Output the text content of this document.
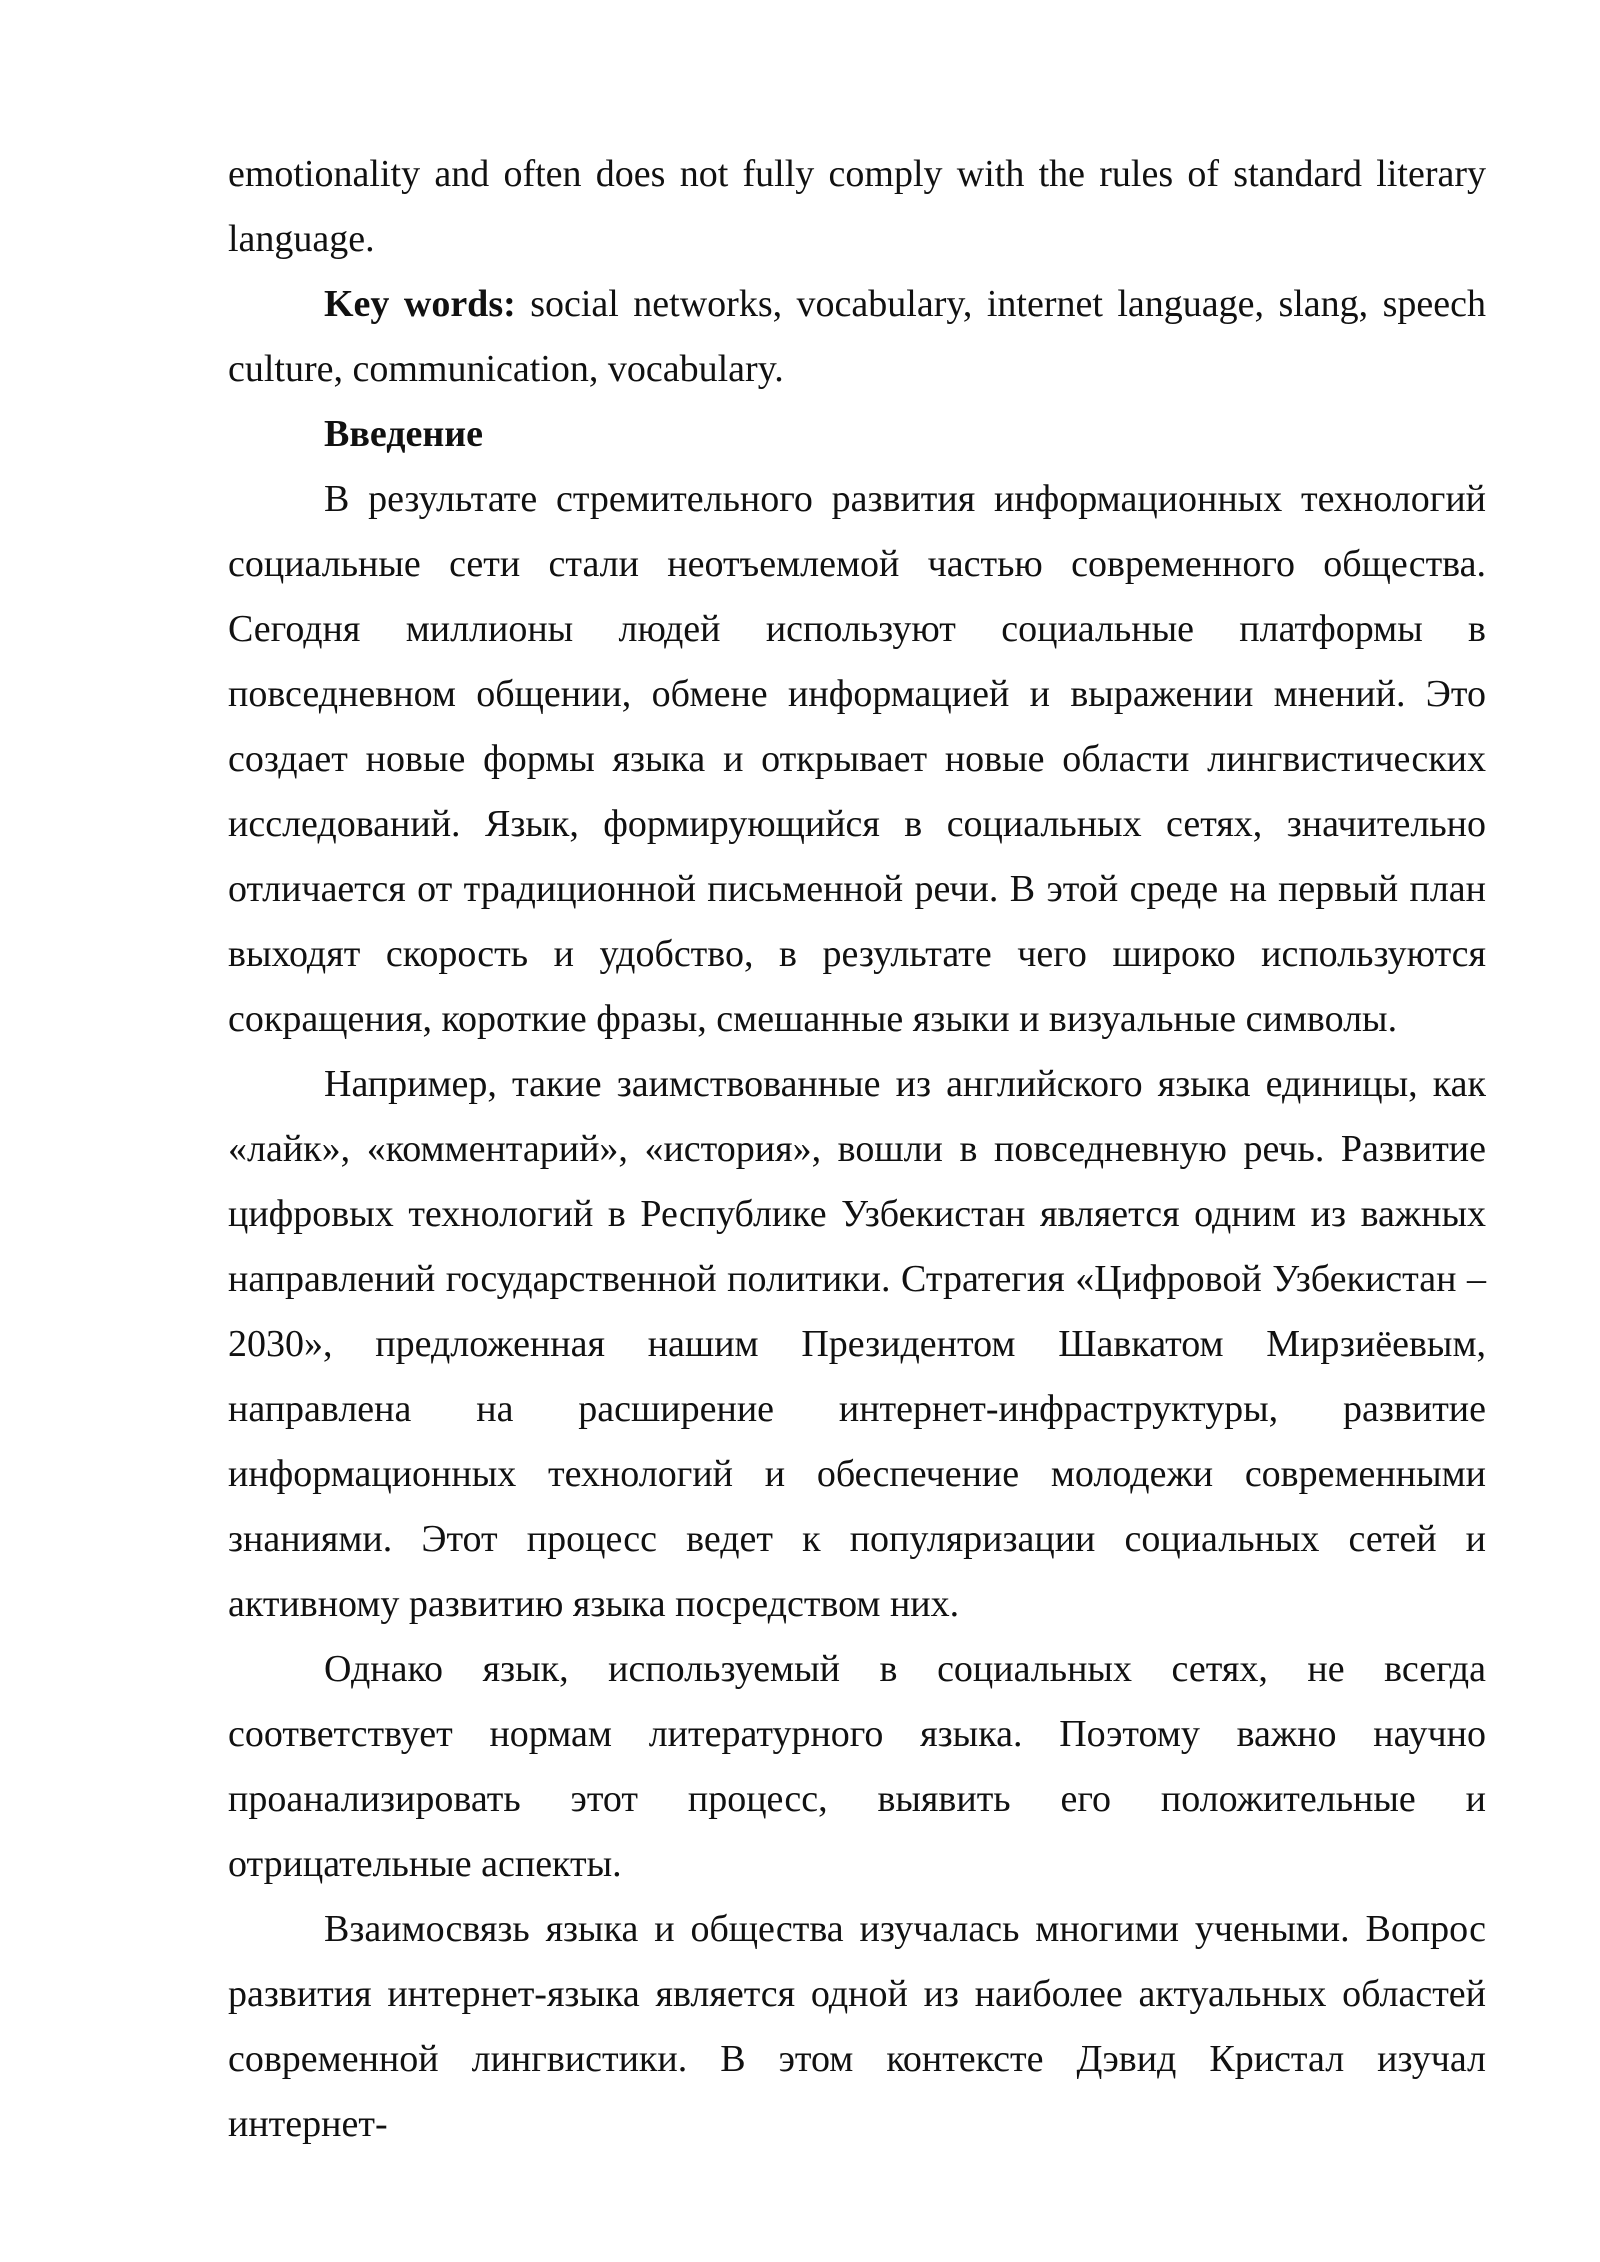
emotionality and often does not fully comply with the rules of standard literary language.

Key words: social networks, vocabulary, internet language, slang, speech culture, communication, vocabulary.

Введение

В результате стремительного развития информационных технологий социальные сети стали неотъемлемой частью современного общества. Сегодня миллионы людей используют социальные платформы в повседневном общении, обмене информацией и выражении мнений. Это создает новые формы языка и открывает новые области лингвистических исследований. Язык, формирующийся в социальных сетях, значительно отличается от традиционной письменной речи. В этой среде на первый план выходят скорость и удобство, в результате чего широко используются сокращения, короткие фразы, смешанные языки и визуальные символы.

Например, такие заимствованные из английского языка единицы, как «лайк», «комментарий», «история», вошли в повседневную речь. Развитие цифровых технологий в Республике Узбекистан является одним из важных направлений государственной политики. Стратегия «Цифровой Узбекистан – 2030», предложенная нашим Президентом Шавкатом Мирзиёевым, направлена на расширение интернет-инфраструктуры, развитие информационных технологий и обеспечение молодежи современными знаниями. Этот процесс ведет к популяризации социальных сетей и активному развитию языка посредством них.

Однако язык, используемый в социальных сетях, не всегда соответствует нормам литературного языка. Поэтому важно научно проанализировать этот процесс, выявить его положительные и отрицательные аспекты.

Взаимосвязь языка и общества изучалась многими учеными. Вопрос развития интернет-языка является одной из наиболее актуальных областей современной лингвистики. В этом контексте Дэвид Кристал изучал интернет-
